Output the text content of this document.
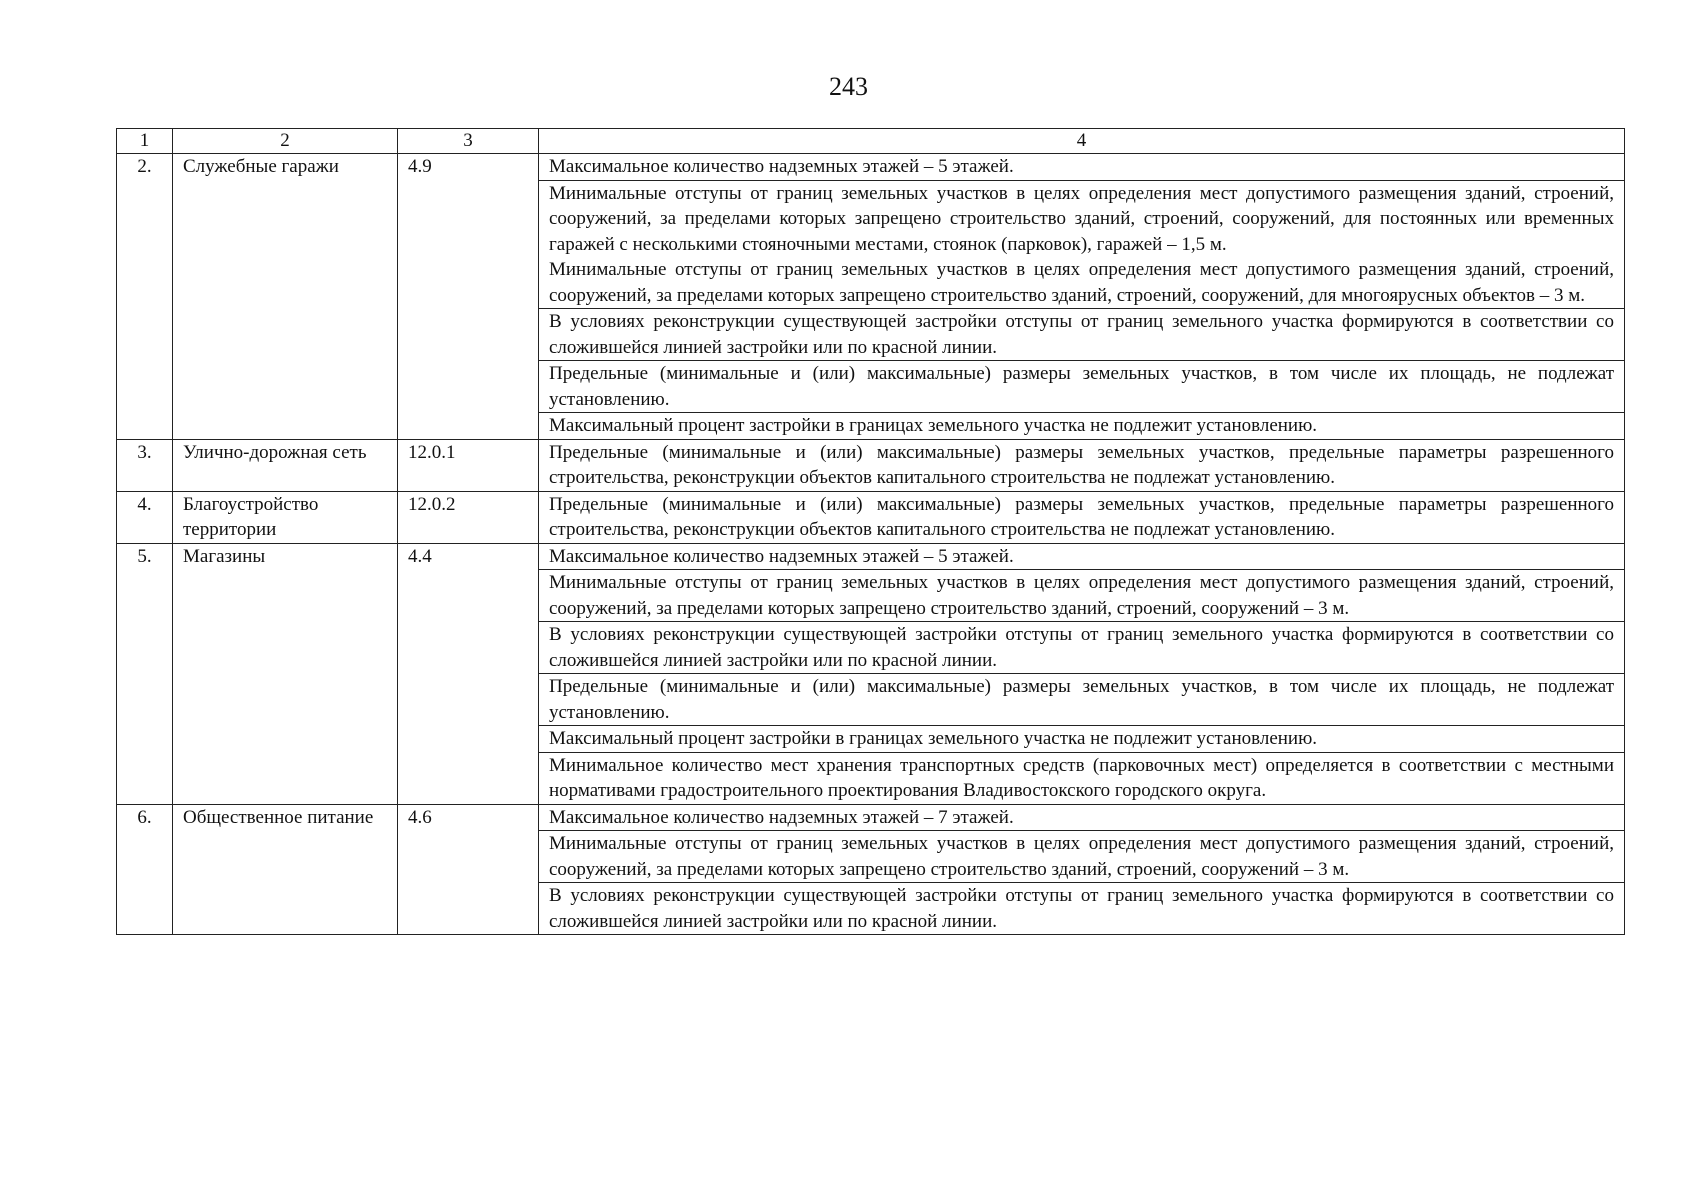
243
1	2	3	4
2.	Служебные гаражи	4.9	Максимальное количество надземных этажей – 5 этажей.

			Минимальные отступы от границ земельных участков в целях определения мест допустимого размещения зданий, строений, сооружений, за пределами которых запрещено строительство зданий, строений, сооружений, для постоянных или временных гаражей с несколькими стояночными местами, стоянок (парковок), гаражей – 1,5 м.
Минимальные отступы от границ земельных участков в целях определения мест допустимого размещения зданий, строений, сооружений, за пределами которых запрещено строительство зданий, строений, сооружений, для многоярусных объектов – 3 м.

			В условиях реконструкции существующей застройки отступы от границ земельного участка формируются в соответствии со сложившейся линией застройки или по красной линии.

			Предельные (минимальные и (или) максимальные) размеры земельных участков, в том числе их площадь, не подлежат установлению.

			Максимальный процент застройки в границах земельного участка не подлежит установлению.

3.	Улично-дорожная сеть	12.0.1	Предельные (минимальные и (или) максимальные) размеры земельных участков, предельные параметры разрешенного строительства, реконструкции объектов капитального строительства не подлежат установлению.

4.	Благоустройство территории	12.0.2	Предельные (минимальные и (или) максимальные) размеры земельных участков, предельные параметры разрешенного строительства, реконструкции объектов капитального строительства не подлежат установлению.

5.	Магазины	4.4	Максимальное количество надземных этажей – 5 этажей.

			Минимальные отступы от границ земельных участков в целях определения мест допустимого размещения зданий, строений, сооружений, за пределами которых запрещено строительство зданий, строений, сооружений – 3 м.

			В условиях реконструкции существующей застройки отступы от границ земельного участка формируются в соответствии со сложившейся линией застройки или по красной линии.

			Предельные (минимальные и (или) максимальные) размеры земельных участков, в том числе их площадь, не подлежат установлению.

			Максимальный процент застройки в границах земельного участка не подлежит установлению.

			Минимальное количество мест хранения транспортных средств (парковочных мест) определяется в соответствии с местными нормативами градостроительного проектирования Владивостокского городского округа.

6.	Общественное питание	4.6	Максимальное количество надземных этажей – 7 этажей.

			Минимальные отступы от границ земельных участков в целях определения мест допустимого размещения зданий, строений, сооружений, за пределами которых запрещено строительство зданий, строений, сооружений – 3 м.

			В условиях реконструкции существующей застройки отступы от границ земельного участка формируются в соответствии со сложившейся линией застройки или по красной линии.
